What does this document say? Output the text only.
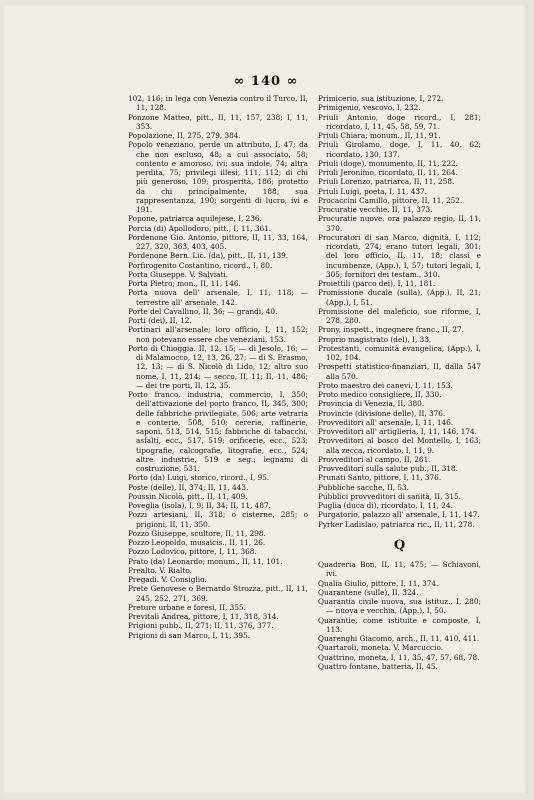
∞ 140 ∞

102, 116; in lega con Venezia contro il Turco, II, 11, 128.

Ponzone Matteo, pitt., II, 11, 157, 238; I, 11, 353.

Popolazione, II, 275, 279, 384.

Popolo veneziano, perde un attributo, I, 47; da che non escluso, 48; a cui associato, 58; contento e amoroso, ivi; sua indole, 74; altra perdita, 75; privilegi illesi, 111, 112; di chi più generoso, 109; prosperità, 186; protetto da chi principalmente, 188; sua rappresentanza, 190; sorgenti di lucro, ivi e 191.

Popone, patriarca aquilejese, I, 236.

Porcia (di) Apollodoro, pitt., I, 11, 361.

Pordenone Gio. Antonio, pittore, II, 11, 33, 164, 227, 320, 363, 403, 405.

Pordenone Bern. Lic. (da), pitt., II, 11, 139.

Porfirogenito Costantino, ricord., I, 80.

Porta Giuseppe. V. Salviati.

Porta Pietro; mon., II, 11, 146.

Porta nuova dell' arsenale, I, 11, 118; — terrestre all' arsenale, 142.

Porte del Cavallino, II, 36; — grandi, 40.

Porti (dei), II, 12.

Portinari all'arsenale; loro officio, I, 11, 152; non potevano essere che veneziani, 153.

Porto di Chioggia. II, 12, 15; — di Jesolo, 16; — di Malamocco, 12, 13, 26, 27; — di S. Erasmo, 12, 13; — di S. Nicolò di Lido, 12; altro suo nome, I, 11, 214; — secco, II, 11; II, 11, 486; — dei tre porti, II, 12, 35.

Porto franco, industria, commercio, I, 350; dell'attivazione del porto franco, II, 345, 300; delle fabbriche privilegiate, 506; arte vetraria e conterie, 508, 510; cererie, raffinerie, saponi, 513, 514, 515; fabbriche di tabacchi, asfalti, ecc., 517, 519; orificerie, ecc., 523; tipografie, calcografie, litografie, ecc., 524; altre industrie, 519 e seg.; legnami di costruzione, 531.

Porto (da) Luigi, storico, ricord., I, 95.

Poste (delle), II, 374; II, 11, 443.

Poussin Nicolò, pitt., II, 11, 409.

Poveglia (isola), I, 9; II, 34; II, 11, 487.

Pozzi artesiani, II, 318; o cisterne, 285; o prigioni, II, 11, 350.

Pozzo Giuseppe, scultore, II, 11, 298.

Pozzo Leopoldo, musaicis., II, 11, 26.

Pozzo Lodovico, pittore, I, 11, 368.

Prato (da) Leonardo; monum., II, 11, 101.

Prealto. V. Rialto.

Pregadi. V. Consiglio.

Prete Genovese o Bernardo Strozza, pitt., II, 11, 245, 252, 271, 369.

Preture urbane e foresi, II, 355.

Previtali Andrea, pittore, I, 11, 318, 314.

Prigioni pubb., II, 271; II, 11, 376, 377.

Prigioni di san Marco, I, 11, 395.

Primicerio, sua istituzione, I, 272.

Primigenio, vescovo, I, 232.

Priuli Antonio, doge ricord., I, 281; ricordato, I, 11, 45, 58, 59, 71.

Priuli Chiara; monum., II, 11, 91.

Priuli Girolamo, doge, I, 11, 40, 62; ricordato, 130, 137.

Priuli (doge), monumento, II, 11, 222.

Priuli Jeronimo, ricordato, II, 11, 264.

Priuli Lorenzo, patriarca, II, 11, 258.

Priuli Luigi, poeta, I, 11, 437.

Procaccini Camillo, pittore, II, 11, 252.

Procuratie vecchie, II, 11, 373.

Procuratie nuove, ora palazzo regio, II, 11, 370.

Procuratori di san Marco, dignità, I, 112; ricordati, 274; erano tutori legali, 301; del loro officio, II, 11, 18; classi e incumbenze, (App.), I, 57; tutori legali, I, 305; fornitori dei testam., 310.

Proiettili (parco dei), I, 11, 181.

Promissione ducale (sulla), (App.), II, 21; (App.), I, 51.

Promissione del maleficio, sue riforme, I, 278, 280.

Prony, inspett., ingegnere franc., II, 27.

Proprio magistrato (del), I, 33.

Protestanti, comunità evangelica, (App.), I, 102, 104.

Prospetti statistico-finanziari, II, dalla 547 alla 570.

Proto maestro dei canevi, I, 11, 153.

Proto medico consigliere, II, 330.

Provincia di Venezia, II, 380.

Provincie (divisione delle), II, 376.

Provveditori all' arsenale, I, 11, 146.

Provveditori all' artiglieria, I, 11, 146, 174.

Provveditori al bosco del Montello, I, 163; alla zecca, ricordato, I, 11, 9.

Provveditori al campo, II, 261.

Provveditori sulla salute pub., II, 318.

Prunati Santo, pittore, I, 11, 376.

Pubbliche sacche, II, 53.

Pubblici provveditori di sanità, II, 315.

Puglia (duca di), ricordato, I, 11, 24.

Purgatorio, palazzo all' arsenale, I, 11, 147.

Pyrker Ladislao, patriarca ric., II, 11, 278.

Q

Quadreria Bon, II, 11, 475; — Schiavoni, ivi.

Qualia Giulio, pittore, I, 11, 374.

Quarantene (sulle), II, 324.

Quarantia civile nuova, sua istituz., I, 280; — nuova e vecchia, (App.), I, 50.

Quarantie, come istituite e composte, I, 113.

Quarenghi Giacomo, arch., II, 11, 410, 411.

Quartaroli, moneta. V. Marcuccio.

Quattrino, moneta, I, 11, 35, 47, 57, 68, 78.

Quattro fontane, batteria, II, 45.
